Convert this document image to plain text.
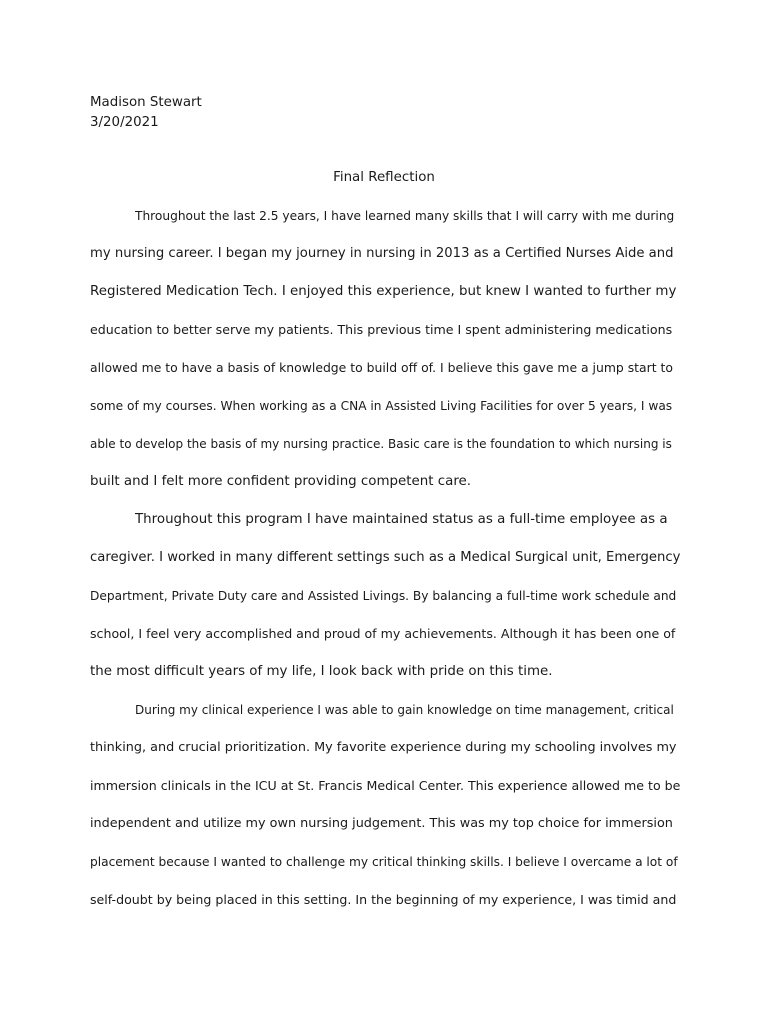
Madison Stewart
3/20/2021
Final Reflection
Throughout the last 2.5 years, I have learned many skills that I will carry with me during
my nursing career. I began my journey in nursing in 2013 as a Certified Nurses Aide and
Registered Medication Tech. I enjoyed this experience, but knew I wanted to further my
education to better serve my patients. This previous time I spent administering medications
allowed me to have a basis of knowledge to build off of. I believe this gave me a jump start to
some of my courses. When working as a CNA in Assisted Living Facilities for over 5 years, I was
able to develop the basis of my nursing practice. Basic care is the foundation to which nursing is
built and I felt more confident providing competent care.
Throughout this program I have maintained status as a full-time employee as a
caregiver. I worked in many different settings such as a Medical Surgical unit, Emergency
Department, Private Duty care and Assisted Livings. By balancing a full-time work schedule and
school, I feel very accomplished and proud of my achievements. Although it has been one of
the most difficult years of my life, I look back with pride on this time.
During my clinical experience I was able to gain knowledge on time management, critical
thinking, and crucial prioritization. My favorite experience during my schooling involves my
immersion clinicals in the ICU at St. Francis Medical Center. This experience allowed me to be
independent and utilize my own nursing judgement. This was my top choice for immersion
placement because I wanted to challenge my critical thinking skills. I believe I overcame a lot of
self-doubt by being placed in this setting. In the beginning of my experience, I was timid and
